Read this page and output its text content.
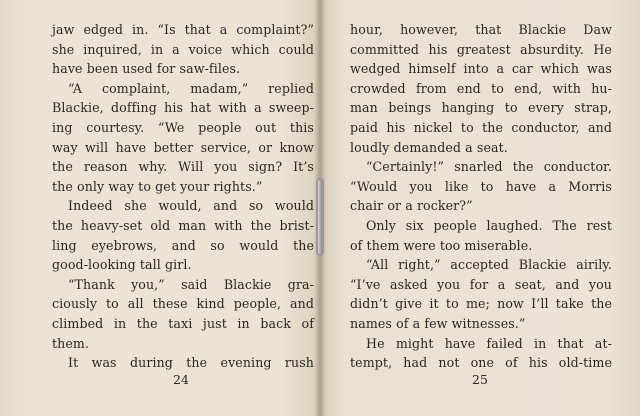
jaw edged in. “Is that a complaint?”
she inquired, in a voice which could
have been used for saw-files.
“A complaint, madam,” replied
Blackie, doffing his hat with a sweep-
ing courtesy. “We people out this
way will have better service, or know
the reason why. Will you sign? It’s
the only way to get your rights.”
Indeed she would, and so would
the heavy-set old man with the brist-
ling eyebrows, and so would the
good-looking tall girl.
“Thank you,” said Blackie gra-
ciously to all these kind people, and
climbed in the taxi just in back of
them.
It was during the evening rush
24
hour, however, that Blackie Daw
committed his greatest absurdity. He
wedged himself into a car which was
crowded from end to end, with hu-
man beings hanging to every strap,
paid his nickel to the conductor, and
loudly demanded a seat.
“Certainly!” snarled the conductor.
“Would you like to have a Morris
chair or a rocker?”
Only six people laughed. The rest
of them were too miserable.
“All right,” accepted Blackie airily.
“I’ve asked you for a seat, and you
didn’t give it to me; now I’ll take the
names of a few witnesses.”
He might have failed in that at-
tempt, had not one of his old-time
25
